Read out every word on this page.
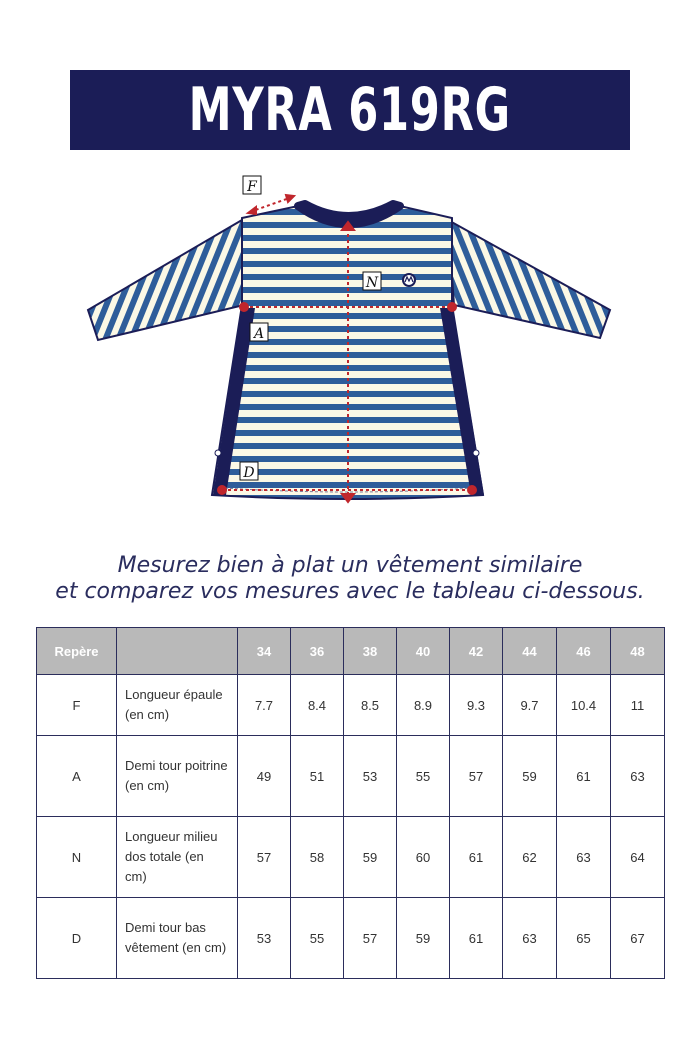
MYRA 619RG
F
N
A
D

Mesurez bien à plat un vêtement similaire

et comparez vos mesures avec le tableau ci-dessous.

Repère		34	36	38	40	42	44	46	48
F	Longueur épaule (en cm)	7.7	8.4	8.5	8.9	9.3	9.7	10.4	11
A	Demi tour poitrine (en cm)	49	51	53	55	57	59	61	63
N	Longueur milieu dos totale (en cm)	57	58	59	60	61	62	63	64
D	Demi tour bas vêtement (en cm)	53	55	57	59	61	63	65	67
